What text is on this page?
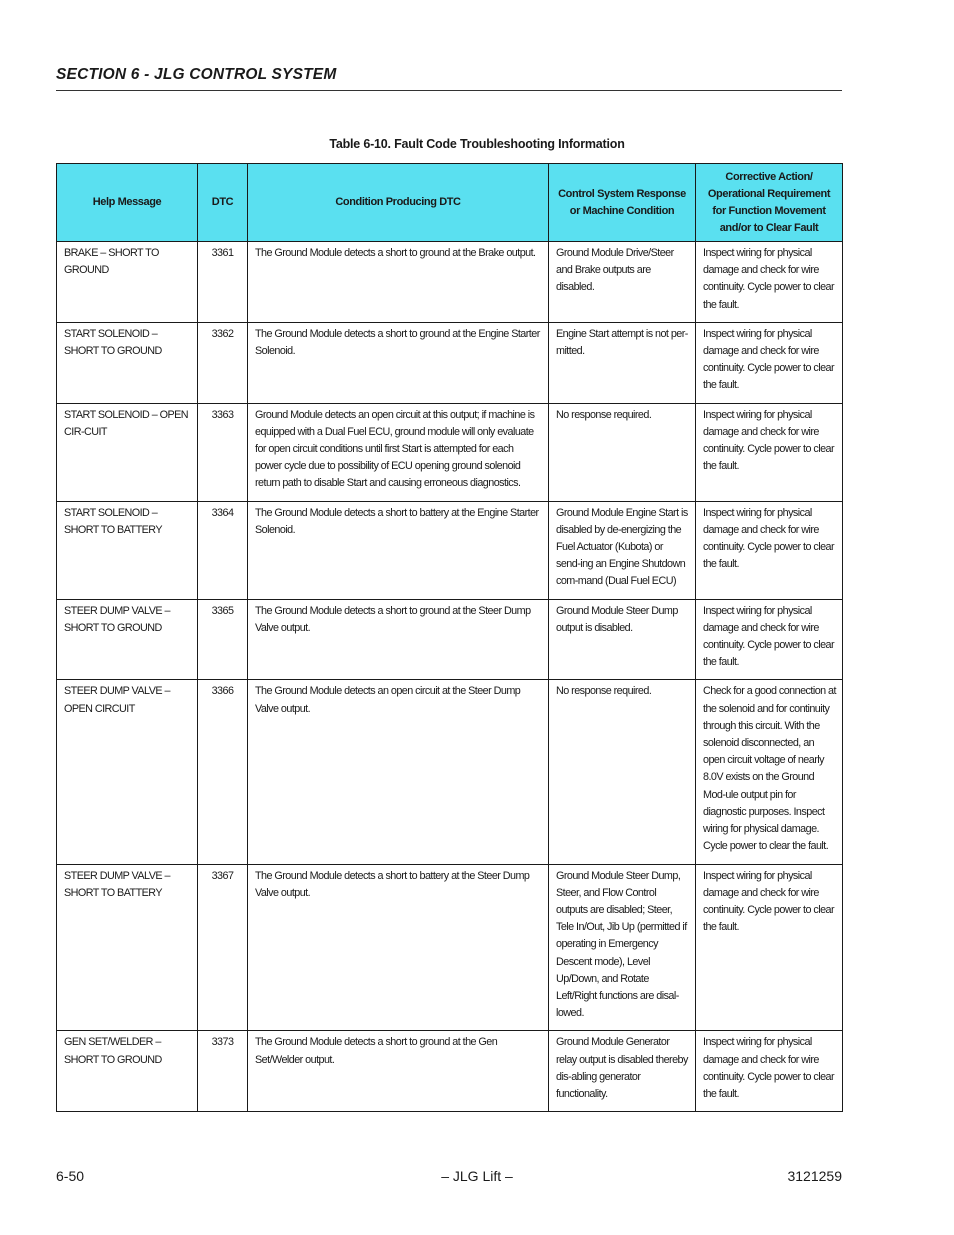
SECTION 6 - JLG CONTROL SYSTEM
Table 6-10. Fault Code Troubleshooting Information
Help Message	DTC	Condition Producing DTC	Control System Response or Machine Condition	Corrective Action/ Operational Requirement for Function Movement and/or to Clear Fault
BRAKE – SHORT TO GROUND	3361	The Ground Module detects a short to ground at the Brake output.	Ground Module Drive/Steer and Brake outputs are disabled.	Inspect wiring for physical damage and check for wire continuity. Cycle power to clear the fault.
START SOLENOID – SHORT TO GROUND	3362	The Ground Module detects a short to ground at the Engine Starter Solenoid.	Engine Start attempt is not per-mitted.	Inspect wiring for physical damage and check for wire continuity. Cycle power to clear the fault.
START SOLENOID – OPEN CIR-CUIT	3363	Ground Module detects an open circuit at this output; if machine is equipped with a Dual Fuel ECU, ground module will only evaluate for open circuit conditions until first Start is attempted for each power cycle due to possibility of ECU opening ground solenoid return path to disable Start and causing erroneous diagnostics.	No response required.	Inspect wiring for physical damage and check for wire continuity. Cycle power to clear the fault.
START SOLENOID – SHORT TO BATTERY	3364	The Ground Module detects a short to battery at the Engine Starter Solenoid.	Ground Module Engine Start is disabled by de-energizing the Fuel Actuator (Kubota) or send-ing an Engine Shutdown com-mand (Dual Fuel ECU)	Inspect wiring for physical damage and check for wire continuity. Cycle power to clear the fault.
STEER DUMP VALVE – SHORT TO GROUND	3365	The Ground Module detects a short to ground at the Steer Dump Valve output.	Ground Module Steer Dump output is disabled.	Inspect wiring for physical damage and check for wire continuity. Cycle power to clear the fault.
STEER DUMP VALVE – OPEN CIRCUIT	3366	The Ground Module detects an open circuit at the Steer Dump Valve output.	No response required.	Check for a good connection at the solenoid and for continuity through this circuit. With the solenoid disconnected, an open circuit voltage of nearly 8.0V exists on the Ground Mod-ule output pin for diagnostic purposes. Inspect wiring for physical damage. Cycle power to clear the fault.
STEER DUMP VALVE – SHORT TO BATTERY	3367	The Ground Module detects a short to battery at the Steer Dump Valve output.	Ground Module Steer Dump, Steer, and Flow Control outputs are disabled; Steer, Tele In/Out, Jib Up (permitted if operating in Emergency Descent mode), Level Up/Down, and Rotate Left/Right functions are disal-lowed.	Inspect wiring for physical damage and check for wire continuity. Cycle power to clear the fault.
GEN SET/WELDER – SHORT TO GROUND	3373	The Ground Module detects a short to ground at the Gen Set/Welder output.	Ground Module Generator relay output is disabled thereby dis-abling generator functionality.	Inspect wiring for physical damage and check for wire continuity. Cycle power to clear the fault.
6-50	– JLG Lift –	3121259
